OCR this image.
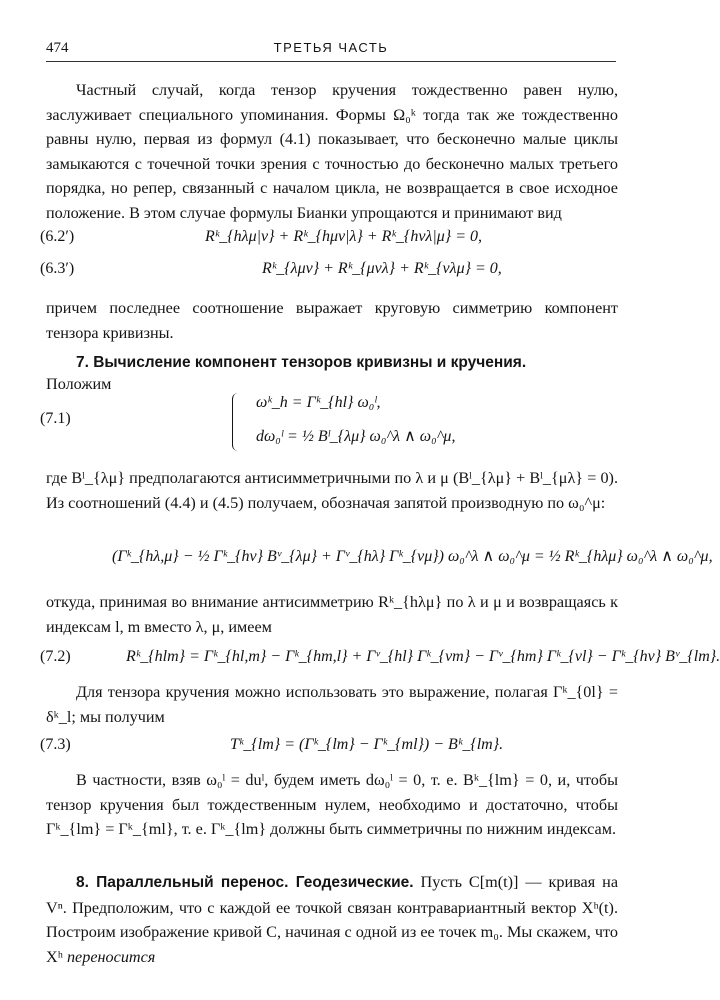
474	ТРЕТЬЯ ЧАСТЬ
Частный случай, когда тензор кручения тождественно равен нулю, заслуживает специального упоминания. Формы Ω₀ᵏ тогда так же тождественно равны нулю, первая из формул (4.1) показывает, что бесконечно малые циклы замыкаются с точечной точки зрения с точностью до бесконечно малых третьего порядка, но репер, связанный с началом цикла, не возвращается в свое исходное положение. В этом случае формулы Бианки упрощаются и принимают вид
(6.2′)	Rᵏ_{hλμ|ν} + Rᵏ_{hμν|λ} + Rᵏ_{hνλ|μ} = 0,
(6.3′)	Rᵏ_{λμν} + Rᵏ_{μνλ} + Rᵏ_{νλμ} = 0,
причем последнее соотношение выражает круговую симметрию компонент тензора кривизны.
7. Вычисление компонент тензоров кривизны и кручения.
Положим
(7.1)
ωᵏ_h = Γᵏ_{hl} ω₀ˡ,
dω₀ˡ = ½ Bˡ_{λμ} ω₀^λ ∧ ω₀^μ,
где Bˡ_{λμ} предполагаются антисимметричными по λ и μ (Bˡ_{λμ} + Bˡ_{μλ} = 0). Из соотношений (4.4) и (4.5) получаем, обозначая запятой производную по ω₀^μ:
(Γᵏ_{hλ,μ} − ½ Γᵏ_{hν} Bᵛ_{λμ} + Γᵛ_{hλ} Γᵏ_{νμ}) ω₀^λ ∧ ω₀^μ = ½ Rᵏ_{hλμ} ω₀^λ ∧ ω₀^μ,
откуда, принимая во внимание антисимметрию Rᵏ_{hλμ} по λ и μ и возвращаясь к индексам l, m вместо λ, μ, имеем
(7.2)	Rᵏ_{hlm} = Γᵏ_{hl,m} − Γᵏ_{hm,l} + Γᵛ_{hl} Γᵏ_{νm} − Γᵛ_{hm} Γᵏ_{νl} − Γᵏ_{hν} Bᵛ_{lm}.
Для тензора кручения можно использовать это выражение, полагая Γᵏ_{0l} = δᵏ_l; мы получим
(7.3)	Tᵏ_{lm} = (Γᵏ_{lm} − Γᵏ_{ml}) − Bᵏ_{lm}.
В частности, взяв ω₀ˡ = duˡ, будем иметь dω₀ˡ = 0, т. е. Bᵏ_{lm} = 0, и, чтобы тензор кручения был тождественным нулем, необходимо и достаточно, чтобы Γᵏ_{lm} = Γᵏ_{ml}, т. е. Γᵏ_{lm} должны быть симметричны по нижним индексам.
8. Параллельный перенос. Геодезические. Пусть C[m(t)] — кривая на Vⁿ. Предположим, что с каждой ее точкой связан контравариантный вектор Xʰ(t). Построим изображение кривой C, начиная с одной из ее точек m₀. Мы скажем, что Xʰ переносится
